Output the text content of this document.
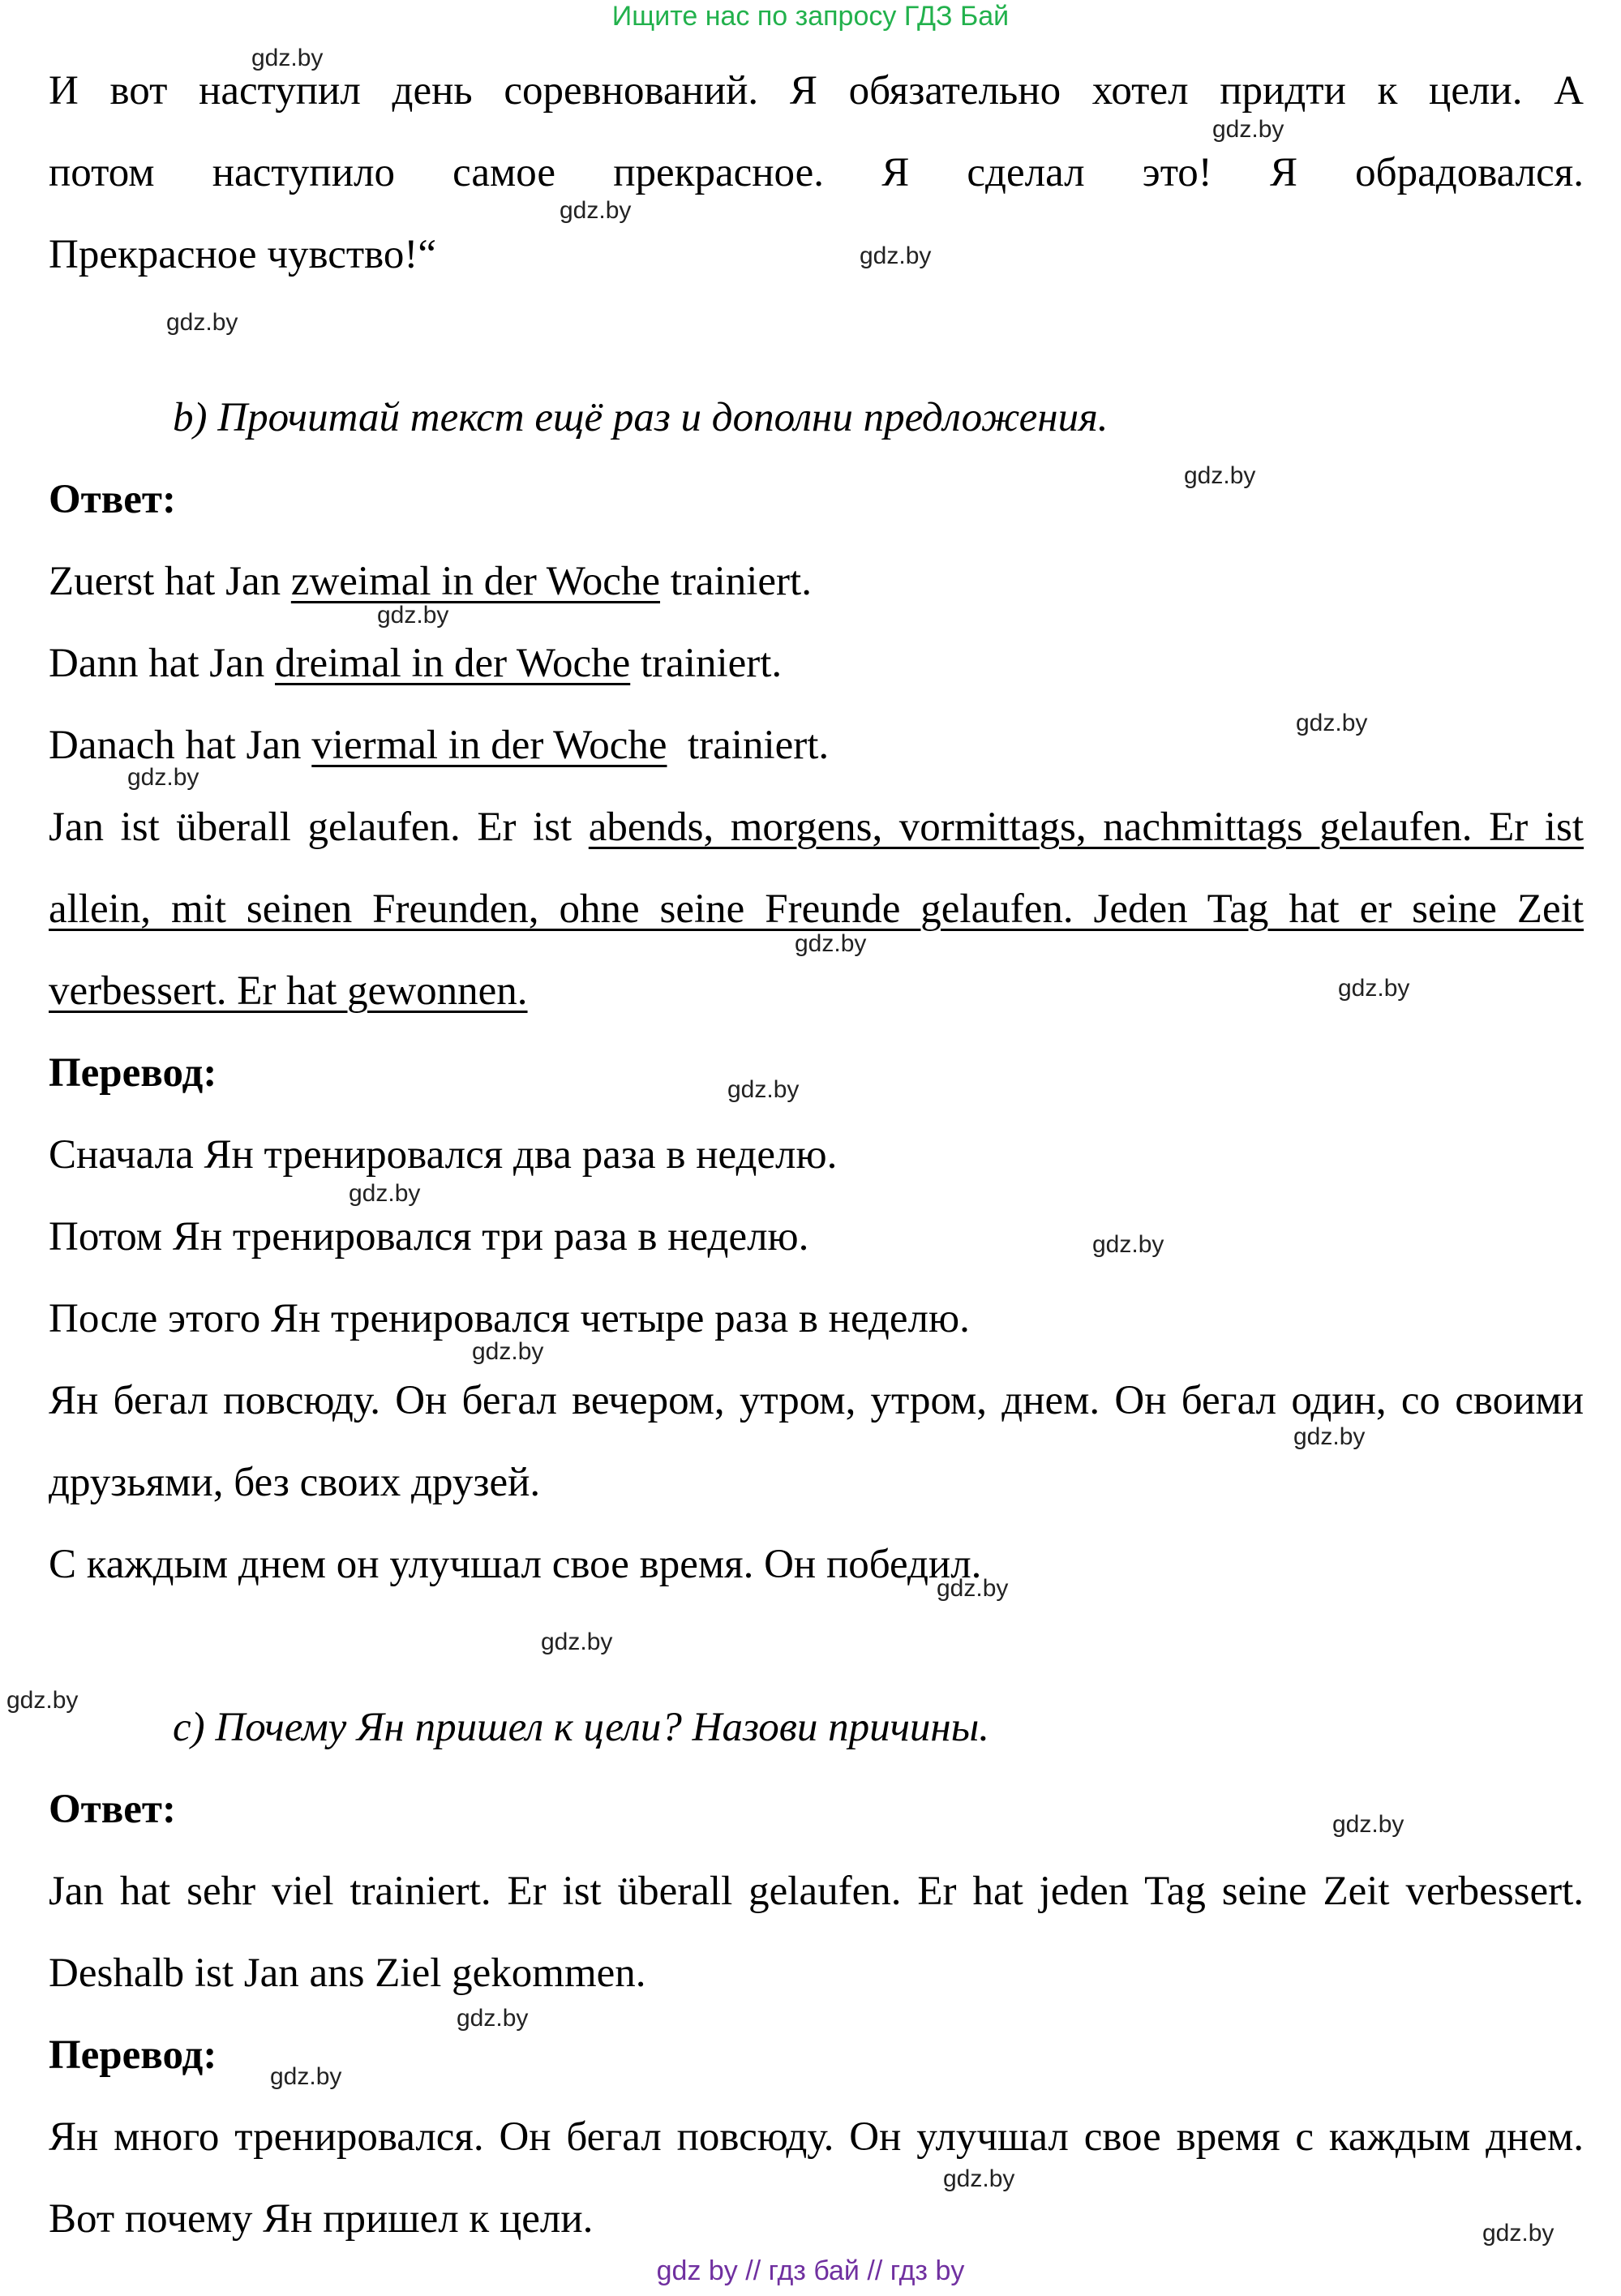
Ищите нас по запросу ГДЗ Бай
И вот наступил день соревнований. Я обязательно хотел придти к цели. А
потом наступило самое прекрасное. Я сделал это! Я обрадовался.
Прекрасное чувство!“
b) Прочитай текст ещё раз и дополни предложения.
Ответ:
Zuerst hat Jan zweimal in der Woche trainiert.
Dann hat Jan dreimal in der Woche trainiert.
Danach hat Jan viermal in der Woche  trainiert.
Jan ist überall gelaufen. Er ist abends, morgens, vormittags, nachmittags gelaufen. Er ist allein, mit seinen Freunden, ohne seine Freunde gelaufen. Jeden Tag hat er seine Zeit verbessert. Er hat gewonnen.
Перевод:
Сначала Ян тренировался два раза в неделю.
Потом Ян тренировался три раза в неделю.
После этого Ян тренировался четыре раза в неделю.
Ян бегал повсюду. Он бегал вечером, утром, утром, днем. Он бегал один, со своими друзьями, без своих друзей.
С каждым днем он улучшал свое время. Он победил.
c) Почему Ян пришел к цели? Назови причины.
Ответ:
Jan hat sehr viel trainiert. Er ist überall gelaufen. Er hat jeden Tag seine Zeit verbessert. Deshalb ist Jan ans Ziel gekommen.
Перевод:
Ян много тренировался. Он бегал повсюду. Он улучшал свое время с каждым днем. Вот почему Ян пришел к цели.
gdz.by
gdz.by
gdz.by
gdz.by
gdz.by
gdz.by
gdz.by
gdz.by
gdz.by
gdz.by
gdz.by
gdz.by
gdz.by
gdz.by
gdz.by
gdz.by
gdz.by
gdz.by
gdz.by
gdz.by
gdz.by
gdz.by
gdz.by
gdz.by
gdz by // гдз бай // гдз by
